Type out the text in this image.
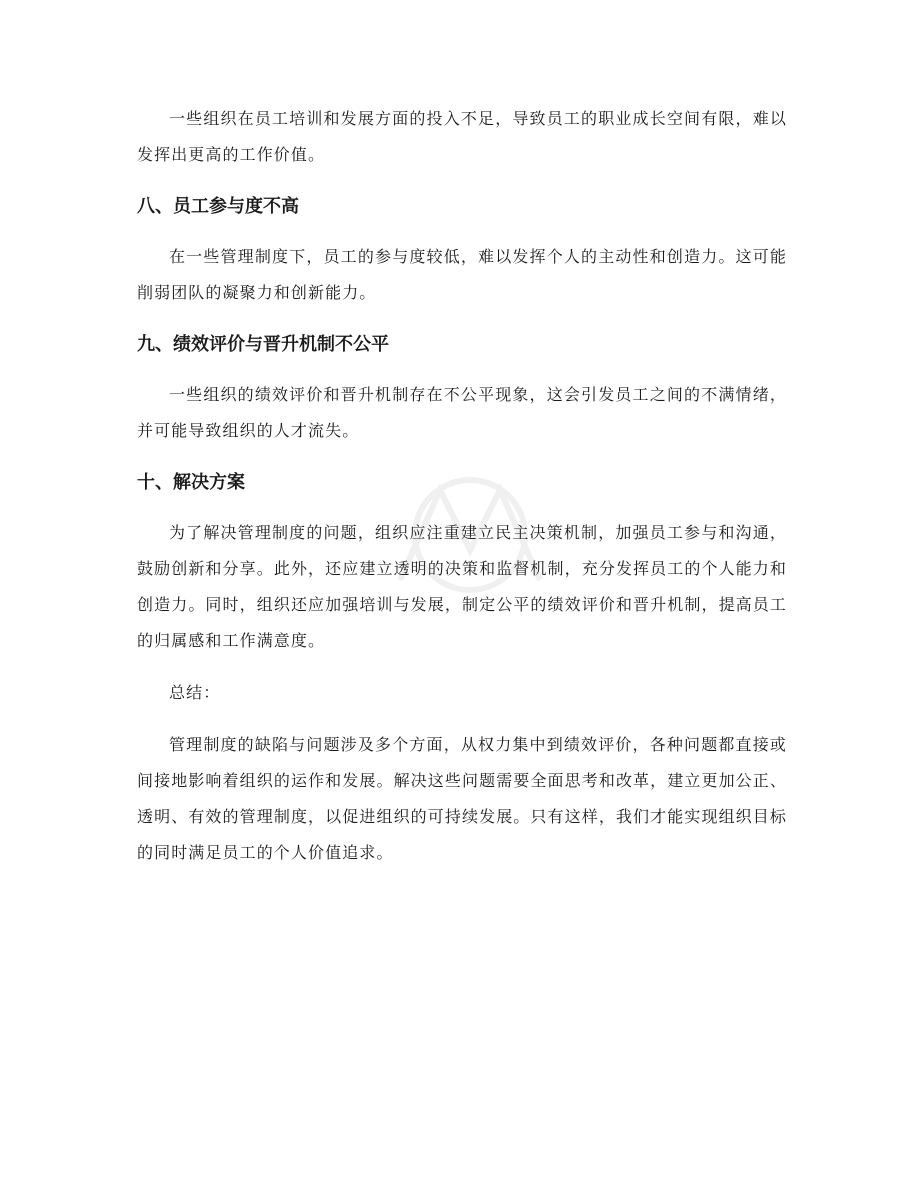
一些组织在员工培训和发展方面的投入不足，导致员工的职业成长空间有限，难以发挥出更高的工作价值。

八、员工参与度不高

在一些管理制度下，员工的参与度较低，难以发挥个人的主动性和创造力。这可能削弱团队的凝聚力和创新能力。

九、绩效评价与晋升机制不公平

一些组织的绩效评价和晋升机制存在不公平现象，这会引发员工之间的不满情绪，并可能导致组织的人才流失。

十、解决方案

为了解决管理制度的问题，组织应注重建立民主决策机制，加强员工参与和沟通，鼓励创新和分享。此外，还应建立透明的决策和监督机制，充分发挥员工的个人能力和创造力。同时，组织还应加强培训与发展，制定公平的绩效评价和晋升机制，提高员工的归属感和工作满意度。

总结：

管理制度的缺陷与问题涉及多个方面，从权力集中到绩效评价，各种问题都直接或间接地影响着组织的运作和发展。解决这些问题需要全面思考和改革，建立更加公正、透明、有效的管理制度，以促进组织的可持续发展。只有这样，我们才能实现组织目标的同时满足员工的个人价值追求。
